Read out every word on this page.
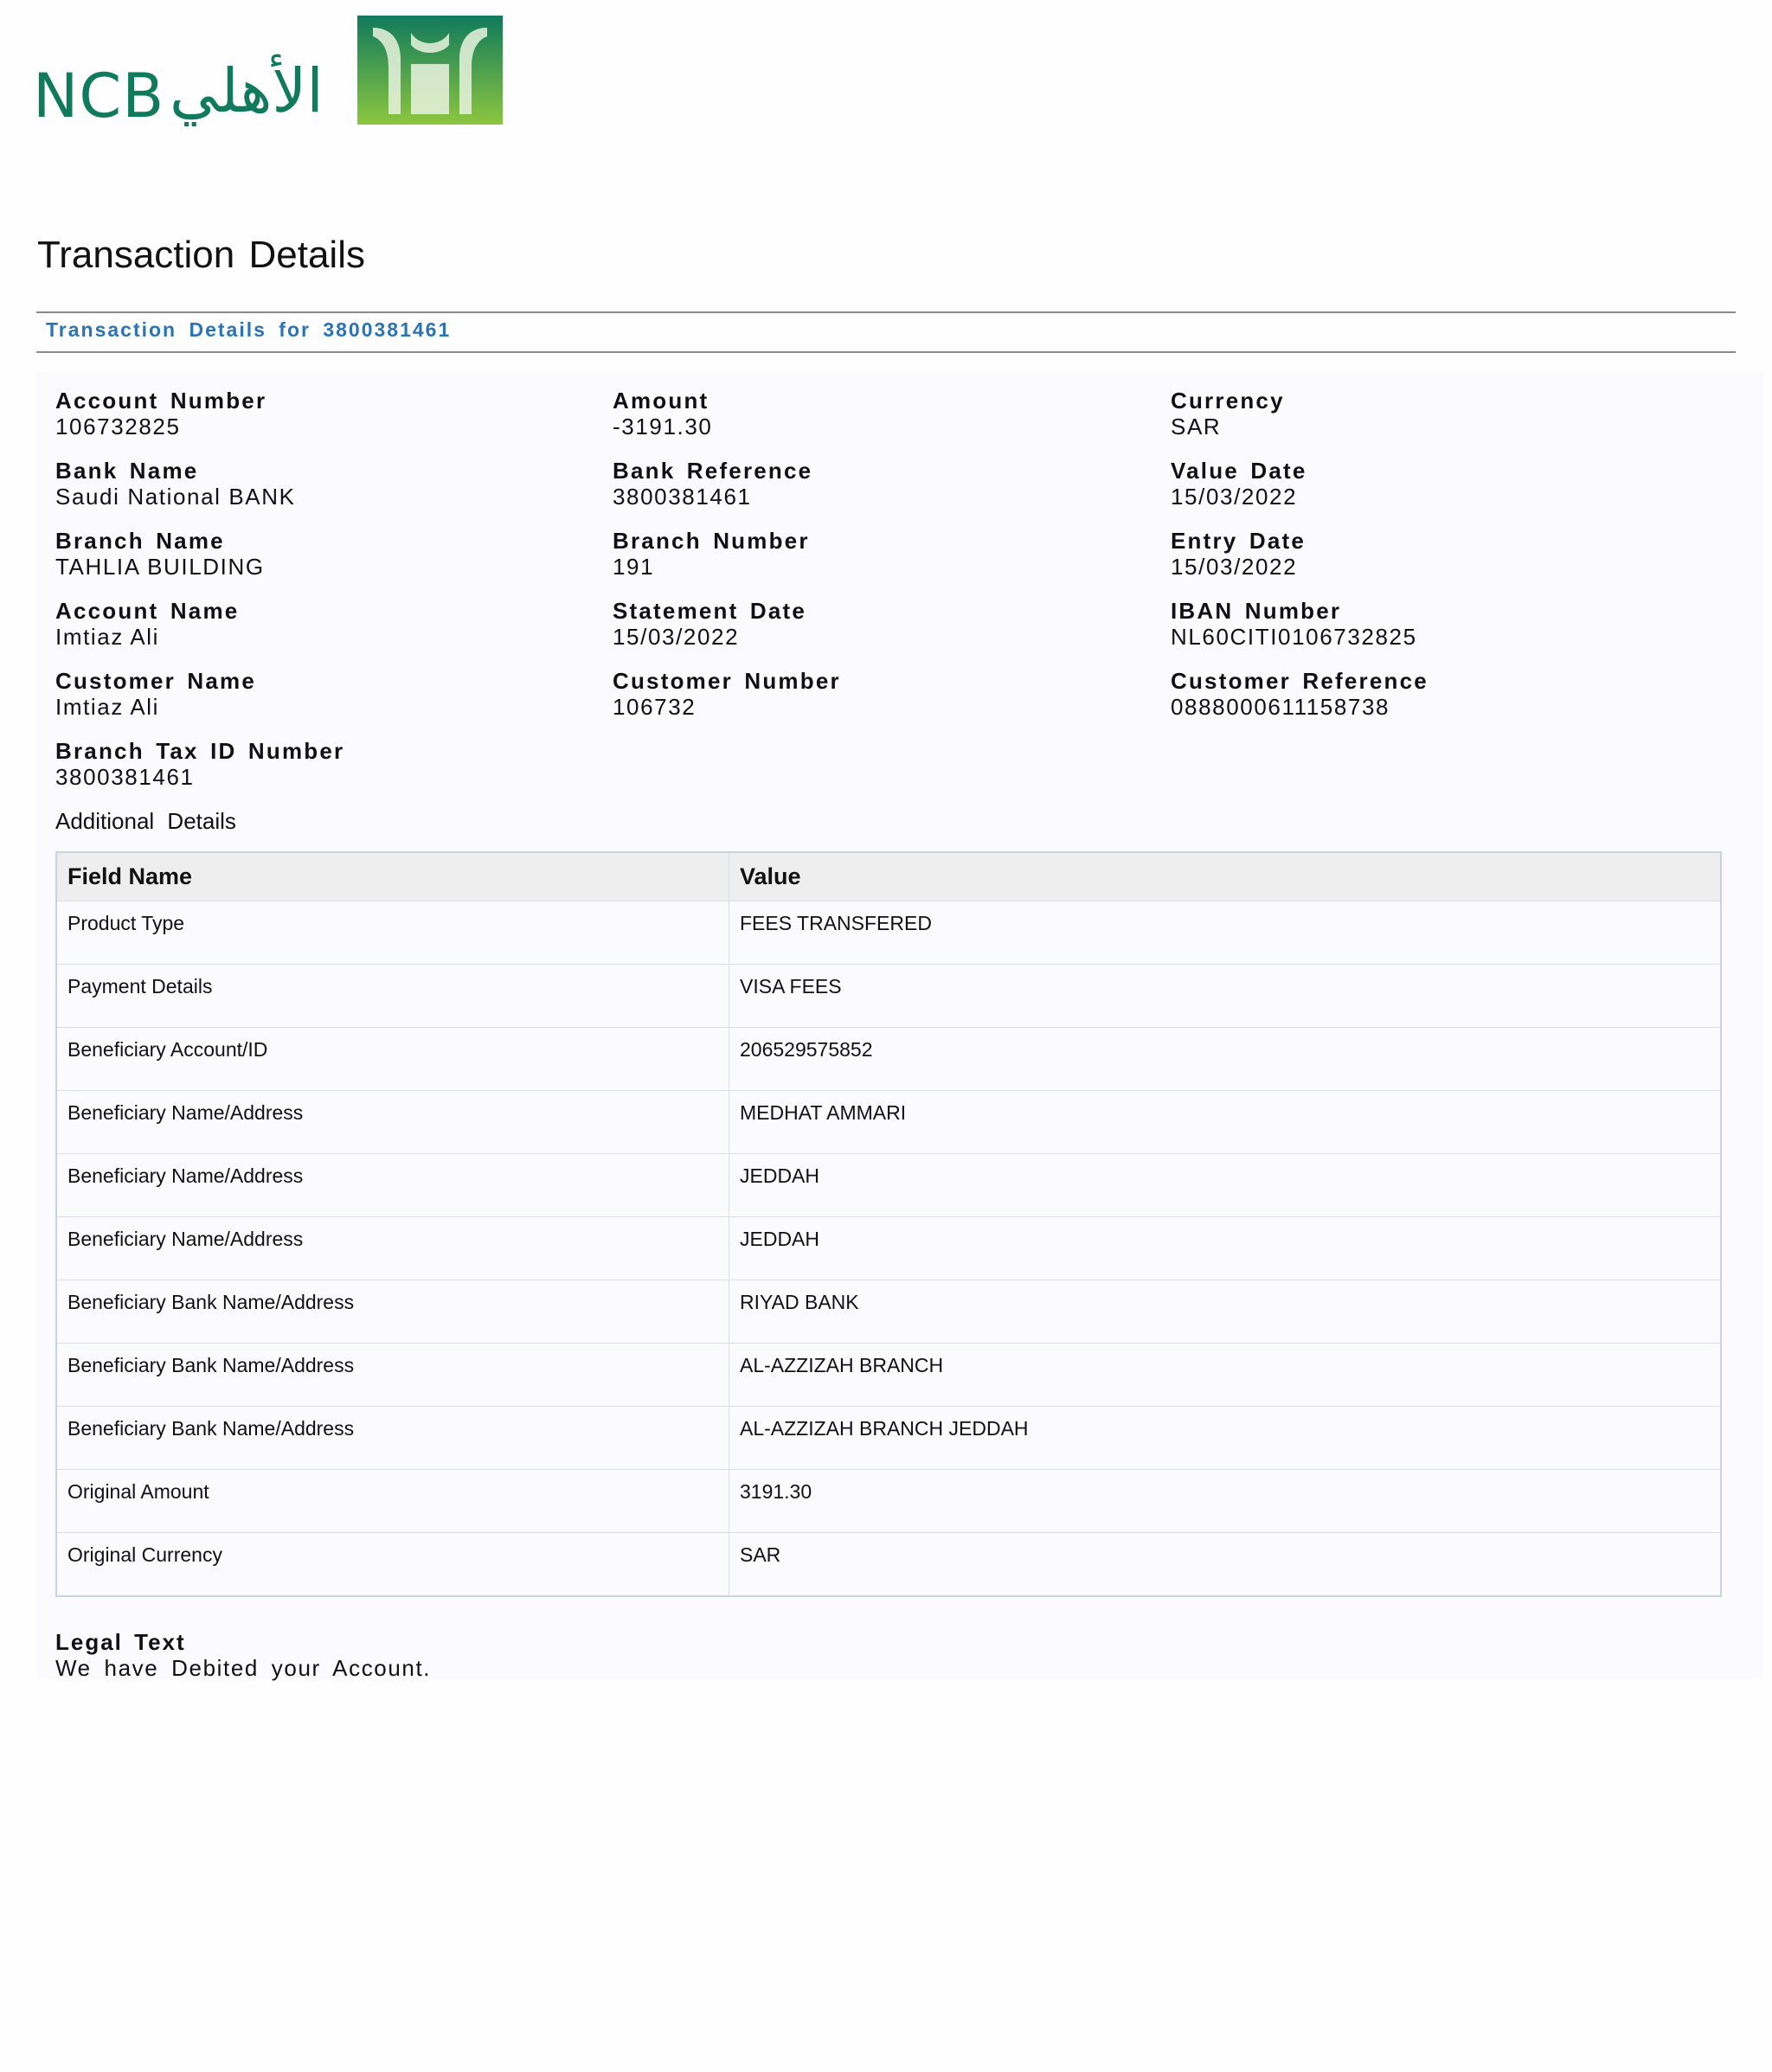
NCB الأهلي
Transaction Details
Transaction Details for 3800381461
Account Number
106732825
Amount
-3191.30
Currency
SAR
Bank Name
Saudi National BANK
Bank Reference
3800381461
Value Date
15/03/2022
Branch Name
TAHLIA BUILDING
Branch Number
191
Entry Date
15/03/2022
Account Name
Imtiaz Ali
Statement Date
15/03/2022
IBAN Number
NL60CITI0106732825
Customer Name
Imtiaz Ali
Customer Number
106732
Customer Reference
0888000611158738
Branch Tax ID Number
3800381461
Additional Details
Field Name	Value
Product Type	FEES TRANSFERED
Payment Details	VISA FEES
Beneficiary Account/ID	206529575852
Beneficiary Name/Address	MEDHAT AMMARI
Beneficiary Name/Address	JEDDAH
Beneficiary Name/Address	JEDDAH
Beneficiary Bank Name/Address	RIYAD BANK
Beneficiary Bank Name/Address	AL-AZZIZAH BRANCH
Beneficiary Bank Name/Address	AL-AZZIZAH BRANCH JEDDAH
Original Amount	3191.30
Original Currency	SAR
Legal Text
We have Debited your Account.
